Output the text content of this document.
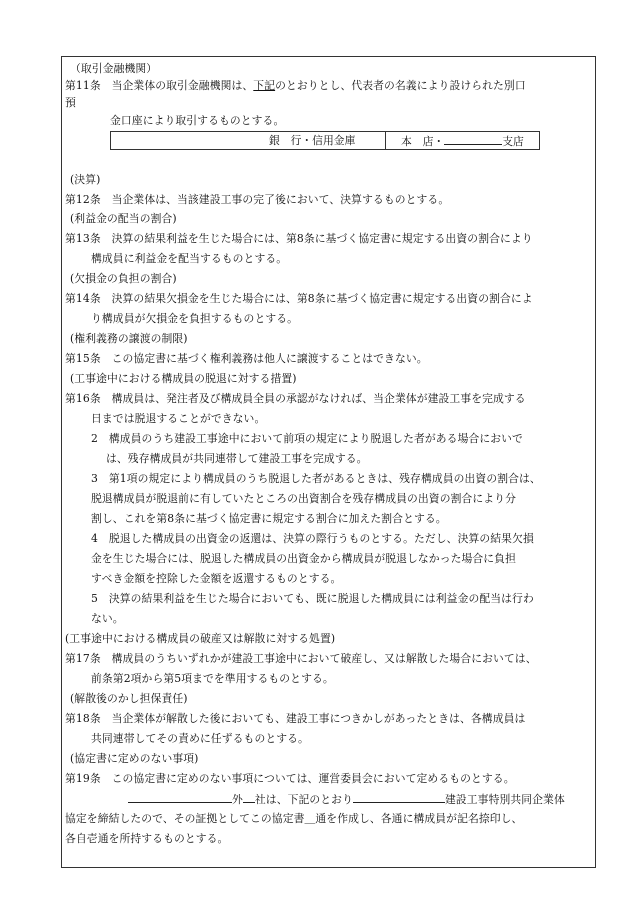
（取引金融機関）
第11条　当企業体の取引金融機関は、下記のとおりとし、代表者の名義により設けられた別口
預
金口座により取引するものとする。
(決算)
第12条　当企業体は、当該建設工事の完了後において、決算するものとする。
(利益金の配当の割合)
第13条　決算の結果利益を生じた場合には、第8条に基づく協定書に規定する出資の割合により
構成員に利益金を配当するものとする。
(欠損金の負担の割合)
第14条　決算の結果欠損金を生じた場合には、第8条に基づく協定書に規定する出資の割合によ
り構成員が欠損金を負担するものとする。
(権利義務の譲渡の制限)
第15条　この協定書に基づく権利義務は他人に譲渡することはできない。
(工事途中における構成員の脱退に対する措置)
第16条　構成員は、発注者及び構成員全員の承認がなければ、当企業体が建設工事を完成する
日までは脱退することができない。
2　構成員のうち建設工事途中において前項の規定により脱退した者がある場合においで
は、残存構成員が共同連帯して建設工事を完成する。
3　第1項の規定により構成員のうち脱退した者があるときは、残存構成員の出資の割合は、
脱退構成員が脱退前に有していたところの出資割合を残存構成員の出資の割合により分
割し、これを第8条に基づく協定書に規定する割合に加えた割合とする。
4　脱退した構成員の出資金の返還は、決算の際行うものとする。ただし、決算の結果欠損
金を生じた場合には、脱退した構成員の出資金から構成員が脱退しなかった場合に負担
すべき金額を控除した金額を返還するものとする。
5　決算の結果利益を生じた場合においても、既に脱退した構成員には利益金の配当は行わ
ない。
(工事途中における構成員の破産又は解散に対する処置)
第17条　構成員のうちいずれかが建設工事途中において破産し、又は解散した場合においては、
前条第2項から第5項までを準用するものとする。
(解散後のかし担保責任)
第18条　当企業体が解散した後においても、建設工事につきかしがあったときは、各構成員は
共同連帯してその責めに任ずるものとする。
(協定書に定めのない事項)
第19条　この協定書に定めのない事項については、運営委員会において定めるものとする。
外 社は、下記のとおり	建設工事特別共同企業体
協定を締結したので、その証拠としてこの協定書＿通を作成し、各通に構成員が記名捺印し、
各自壱通を所持するものとする。
銀　行・信用金庫	本　店・	支店
